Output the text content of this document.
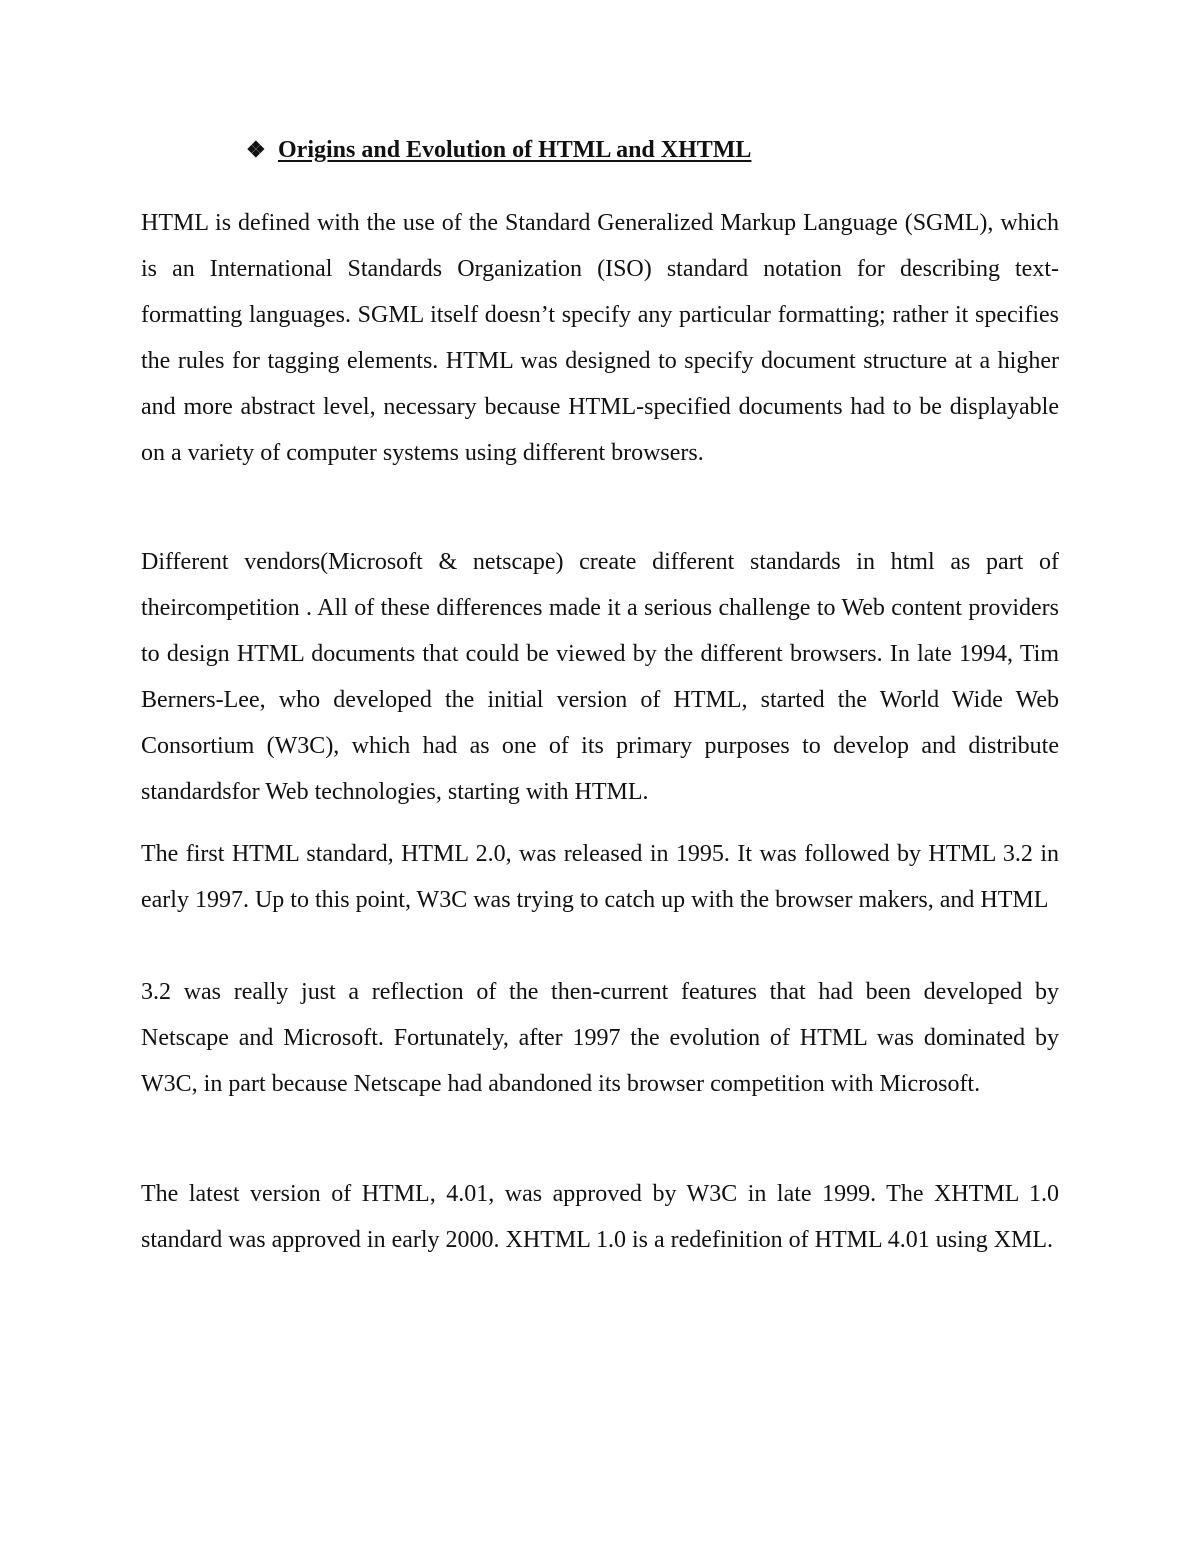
❖ Origins and Evolution of HTML and XHTML

HTML is defined with the use of the Standard Generalized Markup Language (SGML), which is an International Standards Organization (ISO) standard notation for describing text-formatting languages. SGML itself doesn’t specify any particular formatting; rather it specifies the rules for tagging elements. HTML was designed to specify document structure at a higher and more abstract level, necessary because HTML-specified documents had to be displayable on a variety of computer systems using different browsers.

Different vendors(Microsoft & netscape) create different standards in html as part of theircompetition . All of these differences made it a serious challenge to Web content providers to design HTML documents that could be viewed by the different browsers. In late 1994, Tim Berners-Lee, who developed the initial version of HTML, started the World Wide Web Consortium (W3C), which had as one of its primary purposes to develop and distribute standardsfor Web technologies, starting with HTML.

The first HTML standard, HTML 2.0, was released in 1995. It was followed by HTML 3.2 in early 1997. Up to this point, W3C was trying to catch up with the browser makers, and HTML

3.2 was really just a reflection of the then-current features that had been developed by Netscape and Microsoft. Fortunately, after 1997 the evolution of HTML was dominated by W3C, in part because Netscape had abandoned its browser competition with Microsoft.

The latest version of HTML, 4.01, was approved by W3C in late 1999. The XHTML 1.0 standard was approved in early 2000. XHTML 1.0 is a redefinition of HTML 4.01 using XML.
